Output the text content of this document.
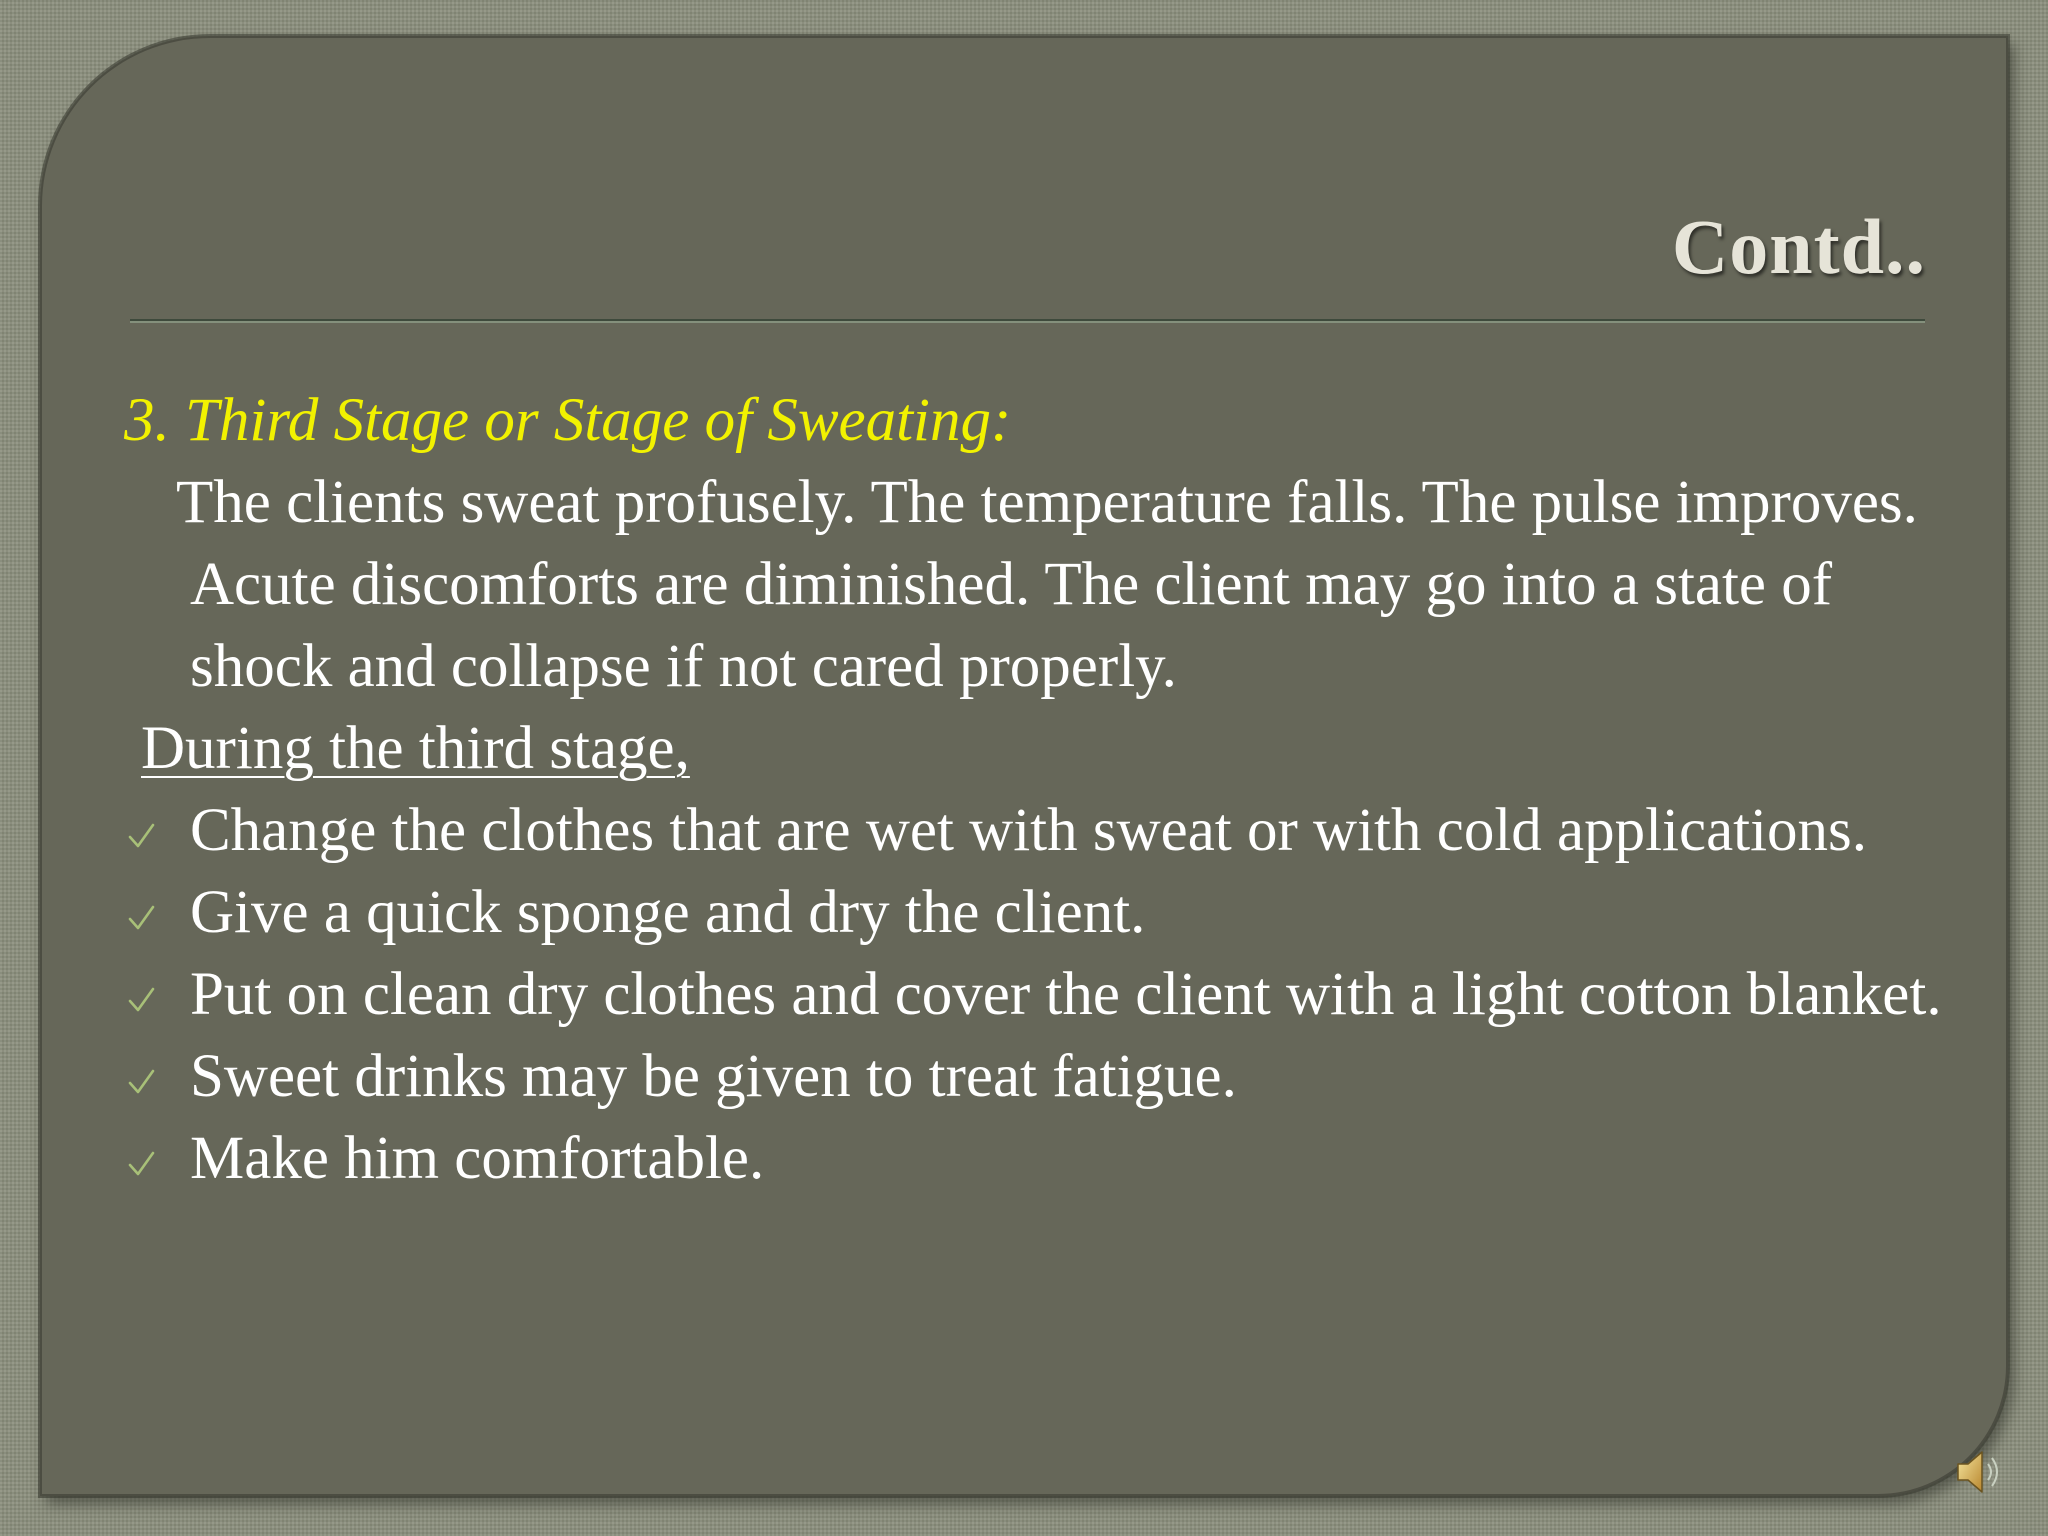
Contd..

3. Third Stage or Stage of Sweating:

The clients sweat profusely. The temperature falls. The pulse improves. Acute discomforts are diminished. The client may go into a state of shock and collapse if not cared properly.

During the third stage,

Change the clothes that are wet with sweat or with cold applications.
Give a quick sponge and dry the client.
Put on clean dry clothes and cover the client with a light cotton blanket.
Sweet drinks may be given to treat fatigue.
Make him comfortable.
